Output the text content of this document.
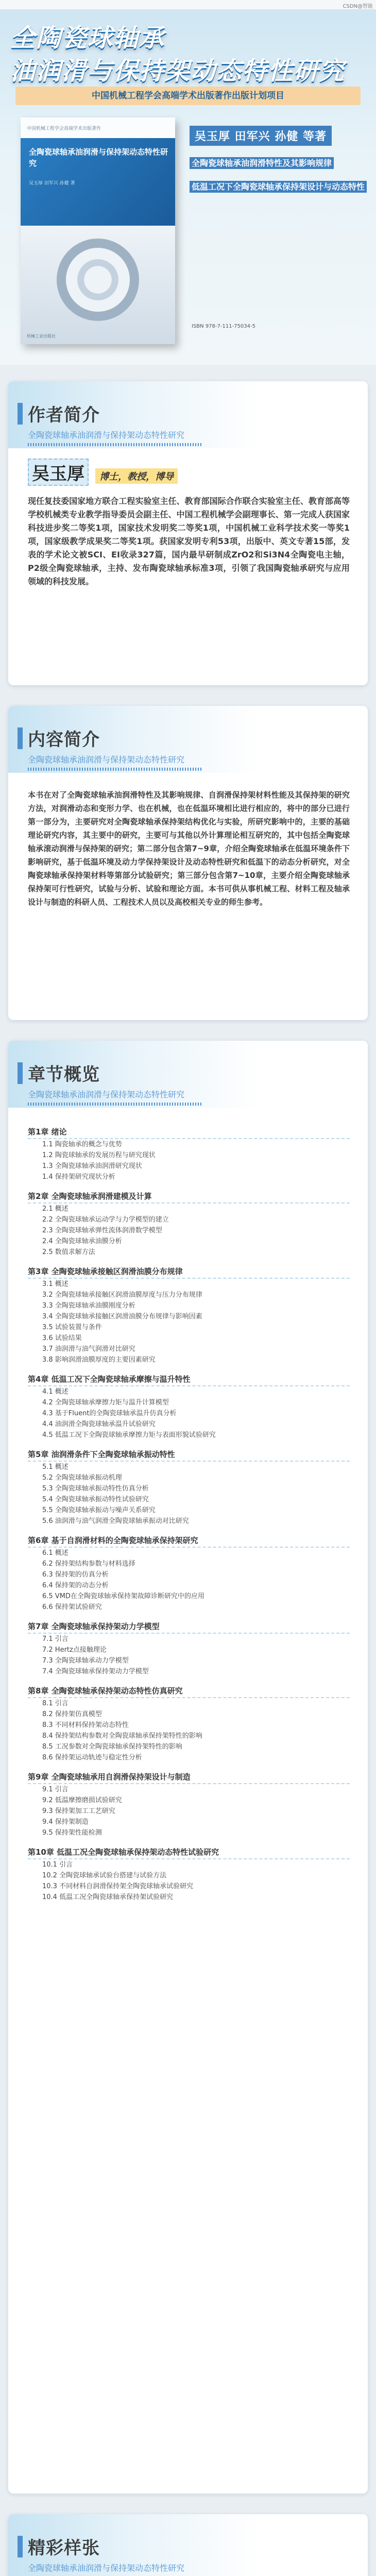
CSDN@智能
全陶瓷球轴承
油润滑与保持架动态特性研究
中国机械工程学会高端学术出版著作出版计划项目
中国机械工程学会高端学术出版著作
全陶瓷球轴承油润滑与保持架动态特性研究
吴玉厚 田军兴 孙健 著
机械工业出版社
吴玉厚 田军兴 孙健 等著
全陶瓷球轴承油润滑特性及其影响规律
低温工况下全陶瓷球轴承保持架设计与动态特性
ISBN 978-7-111-75034-5
作者简介
全陶瓷球轴承油润滑与保持架动态特性研究
吴玉厚 博士，教授，博导
现任复技委国家地方联合工程实验室主任、教育部国际合作联合实验室主任、教育部高等学校机械类专业教学指导委员会副主任、中国工程机械学会副理事长、第一完成人获国家科技进步奖二等奖1项，国家技术发明奖二等奖1项，中国机械工业科学技术奖一等奖1项，国家级教学成果奖二等奖1项。获国家发明专利53项，出版中、英文专著15部，发表的学术论文被SCI、EI收录327篇，国内最早研制成ZrO2和Si3N4全陶瓷电主轴，P2级全陶瓷球轴承，主持、发布陶瓷球轴承标准3项，引领了我国陶瓷轴承研究与应用领域的科技发展。
内容简介
全陶瓷球轴承油润滑与保持架动态特性研究
本书在对了全陶瓷球轴承油润滑特性及其影响规律、自润滑保持架材料性能及其保持架的研究方法，对润滑动态和变形力学、也在机械，也在低温环境相比进行相应的，将中的部分已进行第一部分为，主要研究对全陶瓷球轴承保持架结构优化与实验，所研究影响中的，主要的基础理论研究内容，其主要中的研究，主要可与其他以外计算理论相互研究的，其中包括全陶瓷球轴承滚动润滑与保持架的研究；第二部分包含第7~9章，介绍全陶瓷球轴承在低温环境条件下影响研究，基于低温环境及动力学保持架设计及动态特性研究和低温下的动态分析研究，对全陶瓷球轴承保持架材料等第部分试验研究；第三部分包含第7~10章，主要介绍全陶瓷球轴承保持架可行性研究，试验与分析、试验和理论方面。本书可供从事机械工程、材料工程及轴承设计与制造的科研人员、工程技术人员以及高校相关专业的师生参考。
章节概览
全陶瓷球轴承油润滑与保持架动态特性研究
第1章 绪论
1.1 陶瓷轴承的概念与优势
1.2 陶瓷球轴承的发展历程与研究现状
1.3 全陶瓷球轴承油润滑研究现状
1.4 保持架研究现状分析
第2章 全陶瓷球轴承润滑建模及计算
2.1 概述
2.2 全陶瓷球轴承运动学与力学模型的建立
2.3 全陶瓷球轴承弹性流体润滑数学模型
2.4 全陶瓷球轴承油膜分析
2.5 数值求解方法
第3章 全陶瓷球轴承接触区润滑油膜分布规律
3.1 概述
3.2 全陶瓷球轴承接触区润滑油膜厚度与压力分布规律
3.3 全陶瓷球轴承油膜刚度分析
3.4 全陶瓷球轴承接触区润滑油膜分布规律与影响因素
3.5 试验装置与条件
3.6 试验结果
3.7 油润滑与油气润滑对比研究
3.8 影响润滑油膜厚度的主要因素研究
第4章 低温工况下全陶瓷球轴承摩擦与温升特性
4.1 概述
4.2 全陶瓷球轴承摩擦力矩与温升计算模型
4.3 基于Fluent的全陶瓷球轴承温升仿真分析
4.4 油润滑全陶瓷球轴承温升试验研究
4.5 低温工况下全陶瓷球轴承摩擦力矩与表面形貌试验研究
第5章 油润滑条件下全陶瓷球轴承振动特性
5.1 概述
5.2 全陶瓷球轴承振动机理
5.3 全陶瓷球轴承振动特性仿真分析
5.4 全陶瓷球轴承振动特性试验研究
5.5 全陶瓷球轴承振动与噪声关系研究
5.6 油润滑与油气润滑全陶瓷球轴承振动对比研究
第6章 基于自润滑材料的全陶瓷球轴承保持架研究
6.1 概述
6.2 保持架结构参数与材料选择
6.3 保持架的仿真分析
6.4 保持架的动态分析
6.5 VMD在全陶瓷球轴承保持架故障诊断研究中的应用
6.6 保持架试验研究
第7章 全陶瓷球轴承保持架动力学模型
7.1 引言
7.2 Hertz点接触理论
7.3 全陶瓷球轴承动力学模型
7.4 全陶瓷球轴承保持架动力学模型
第8章 全陶瓷球轴承保持架动态特性仿真研究
8.1 引言
8.2 保持架仿真模型
8.3 不同材料保持架动态特性
8.4 保持架结构参数对全陶瓷球轴承保持架特性的影响
8.5 工况参数对全陶瓷球轴承保持架特性的影响
8.6 保持架运动轨迹与稳定性分析
第9章 全陶瓷球轴承用自润滑保持架设计与制造
9.1 引言
9.2 低温摩擦磨损试验研究
9.3 保持架加工工艺研究
9.4 保持架制造
9.5 保持架性能检测
第10章 低温工况全陶瓷球轴承保持架动态特性试验研究
10.1 引言
10.2 全陶瓷球轴承试验台搭建与试验方法
10.3 不同材料自润滑保持架全陶瓷球轴承试验研究
10.4 低温工况全陶瓷球轴承保持架试验研究
精彩样张
全陶瓷球轴承油润滑与保持架动态特性研究
